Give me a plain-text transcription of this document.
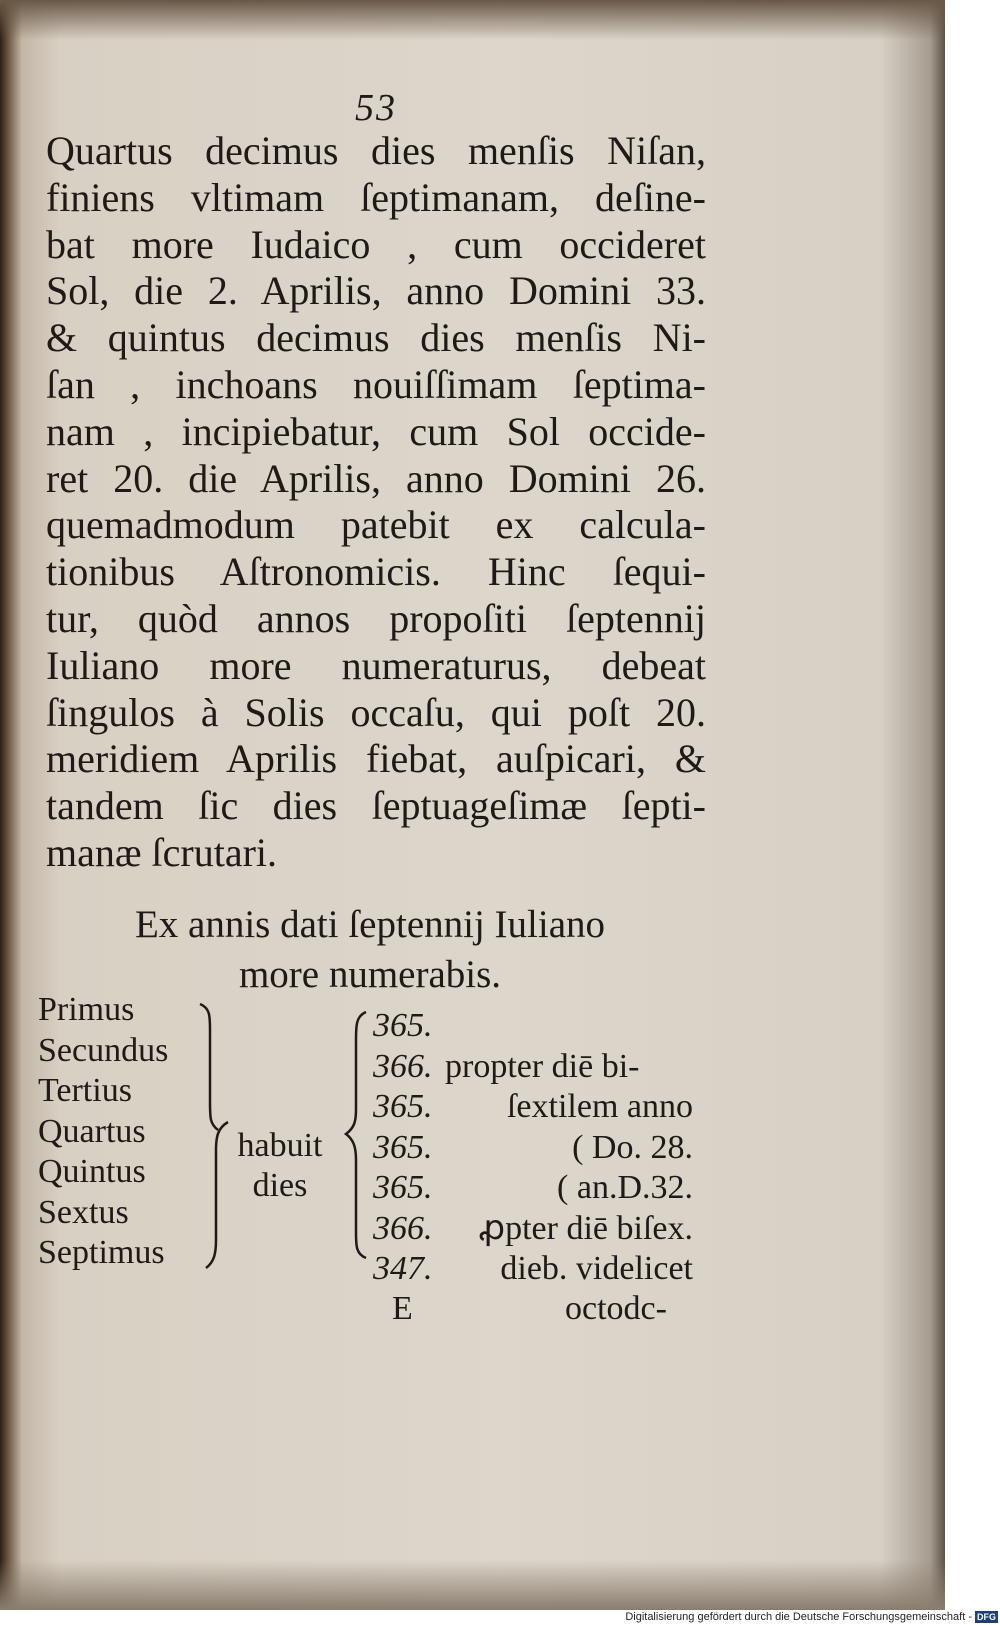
53
Quartus decimus dies menſis Niſan,
finiens vltimam ſeptimanam, deſine-
bat more Iudaico , cum occideret
Sol, die 2. Aprilis, anno Domini 33.
& quintus decimus dies menſis Ni-
ſan , inchoans nouiſſimam ſeptima-
nam , incipiebatur, cum Sol occide-
ret 20. die Aprilis, anno Domini 26.
quemadmodum patebit ex calcula-
tionibus Aſtronomicis. Hinc ſequi-
tur, quòd annos propoſiti ſeptennij
Iuliano more numeraturus, debeat
ſingulos à Solis occaſu, qui poſt 20.
meridiem Aprilis fiebat, auſpicari, &
tandem ſic dies ſeptuageſimæ ſepti-
manæ ſcrutari.
Ex annis dati ſeptennij Iuliano
more numerabis.
Primus
Secundus
Tertius
Quartus
Quintus
Sextus
Septimus
habuit
dies
365.
366. propter diē bi-
365.	ſextilem anno
365.	( Do. 28.
365.	( an.D.32.
366.	ꝓpter diē biſex.
347.	dieb. videlicet
E	octodc-
Digitalisierung gefördert durch die Deutsche Forschungsgemeinschaft - DFG
